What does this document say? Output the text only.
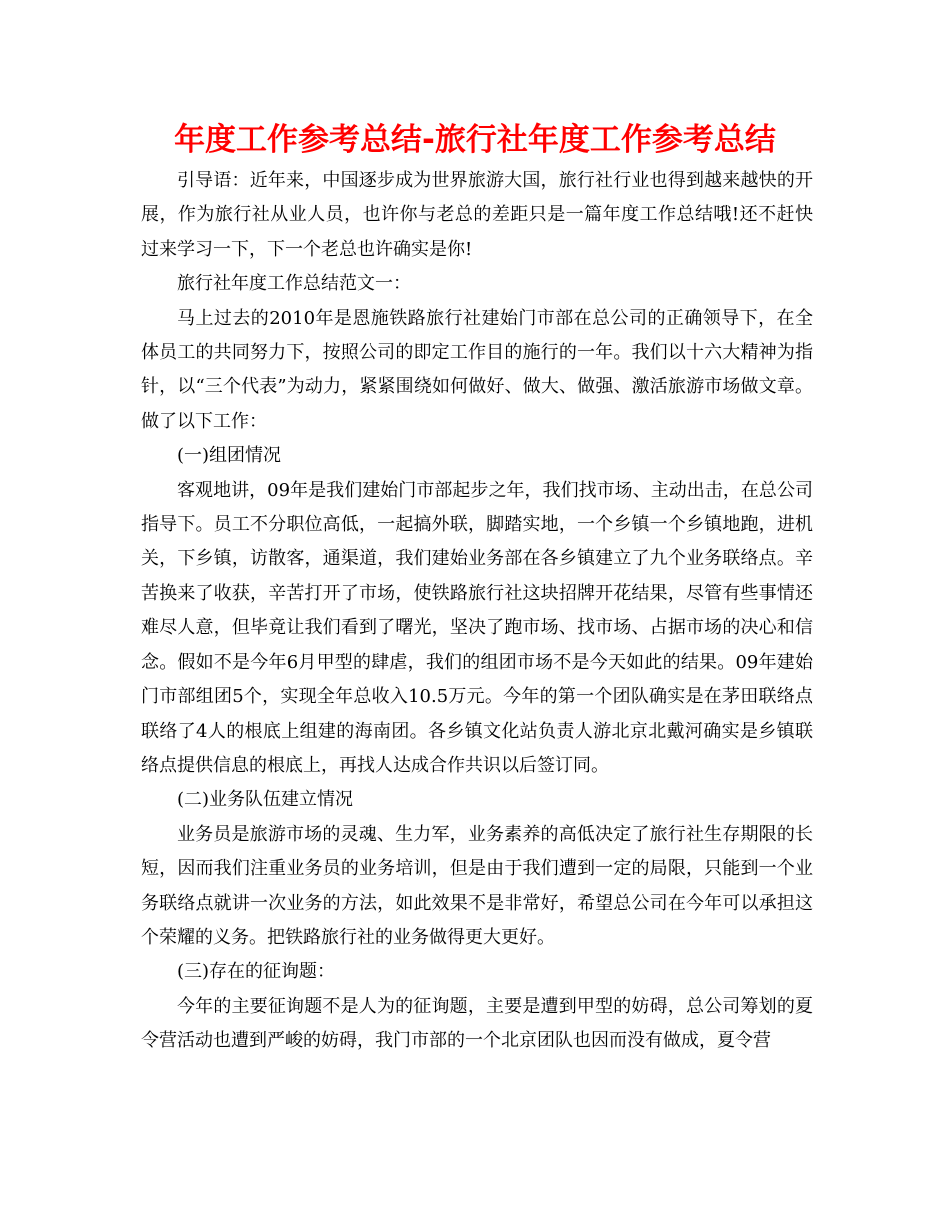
年度工作参考总结-旅行社年度工作参考总结

引导语：近年来，中国逐步成为世界旅游大国，旅行社行业也得到越来越快的开展，作为旅行社从业人员，也许你与老总的差距只是一篇年度工作总结哦!还不赶快过来学习一下，下一个老总也许确实是你!

旅行社年度工作总结范文一：

马上过去的2010年是恩施铁路旅行社建始门市部在总公司的正确领导下，在全体员工的共同努力下，按照公司的即定工作目的施行的一年。我们以十六大精神为指针，以“三个代表”为动力，紧紧围绕如何做好、做大、做强、激活旅游市场做文章。做了以下工作：

(一)组团情况

客观地讲，09年是我们建始门市部起步之年，我们找市场、主动出击，在总公司指导下。员工不分职位高低，一起搞外联，脚踏实地，一个乡镇一个乡镇地跑，进机关，下乡镇，访散客，通渠道，我们建始业务部在各乡镇建立了九个业务联络点。辛苦换来了收获，辛苦打开了市场，使铁路旅行社这块招牌开花结果，尽管有些事情还难尽人意，但毕竟让我们看到了曙光，坚决了跑市场、找市场、占据市场的决心和信念。假如不是今年6月甲型的肆虐，我们的组团市场不是今天如此的结果。09年建始门市部组团5个，实现全年总收入10.5万元。今年的第一个团队确实是在茅田联络点联络了4人的根底上组建的海南团。各乡镇文化站负责人游北京北戴河确实是乡镇联络点提供信息的根底上，再找人达成合作共识以后签订同。

(二)业务队伍建立情况

业务员是旅游市场的灵魂、生力军，业务素养的高低决定了旅行社生存期限的长短，因而我们注重业务员的业务培训，但是由于我们遭到一定的局限，只能到一个业务联络点就讲一次业务的方法，如此效果不是非常好，希望总公司在今年可以承担这个荣耀的义务。把铁路旅行社的业务做得更大更好。

(三)存在的征询题：

今年的主要征询题不是人为的征询题，主要是遭到甲型的妨碍，总公司筹划的夏令营活动也遭到严峻的妨碍，我门市部的一个北京团队也因而没有做成，夏令营
